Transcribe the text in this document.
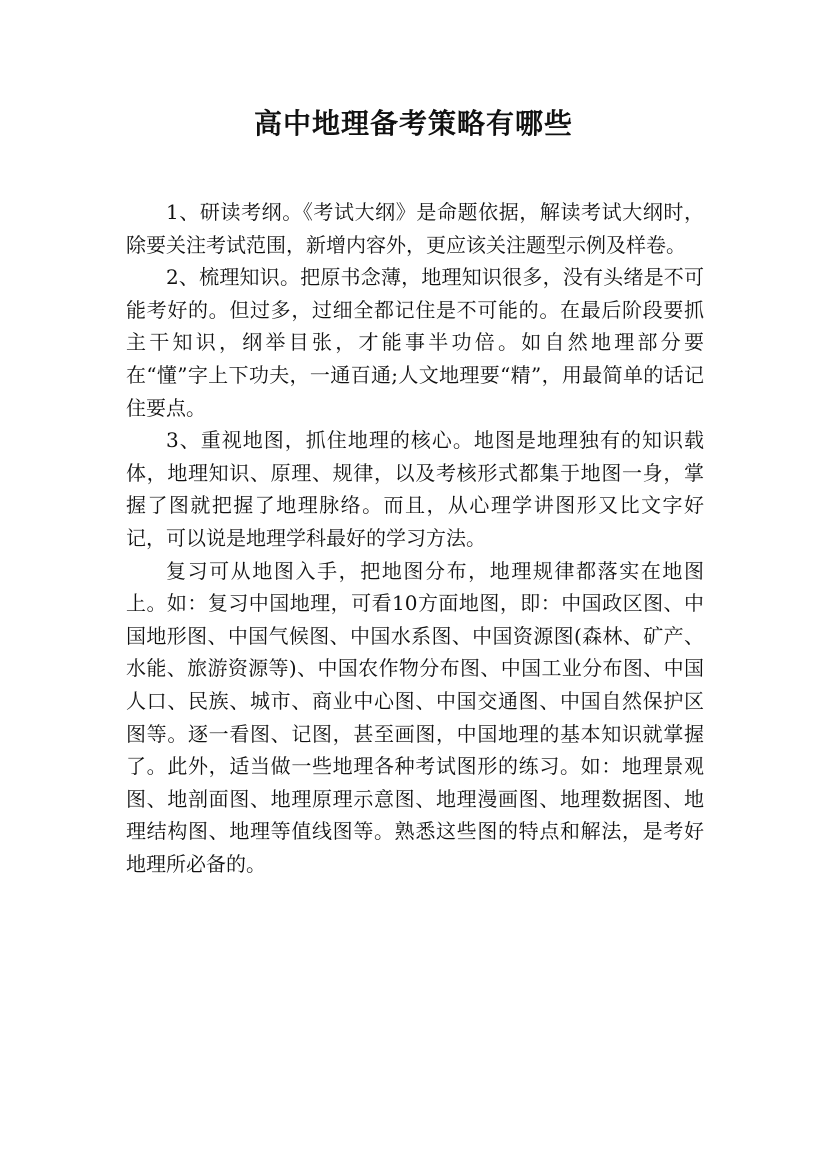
高中地理备考策略有哪些

1、研读考纲。《考试大纲》是命题依据，解读考试大纲时，除要关注考试范围，新增内容外，更应该关注题型示例及样卷。

2、梳理知识。把原书念薄，地理知识很多，没有头绪是不可能考好的。但过多，过细全都记住是不可能的。在最后阶段要抓主干知识，纲举目张，才能事半功倍。如自然地理部分要在“懂”字上下功夫，一通百通;人文地理要“精”，用最简单的话记住要点。

3、重视地图，抓住地理的核心。地图是地理独有的知识载体，地理知识、原理、规律，以及考核形式都集于地图一身，掌握了图就把握了地理脉络。而且，从心理学讲图形又比文字好记，可以说是地理学科最好的学习方法。

复习可从地图入手，把地图分布，地理规律都落实在地图上。如：复习中国地理，可看10方面地图，即：中国政区图、中国地形图、中国气候图、中国水系图、中国资源图(森林、矿产、水能、旅游资源等)、中国农作物分布图、中国工业分布图、中国人口、民族、城市、商业中心图、中国交通图、中国自然保护区图等。逐一看图、记图，甚至画图，中国地理的基本知识就掌握了。此外，适当做一些地理各种考试图形的练习。如：地理景观图、地剖面图、地理原理示意图、地理漫画图、地理数据图、地理结构图、地理等值线图等。熟悉这些图的特点和解法，是考好地理所必备的。
